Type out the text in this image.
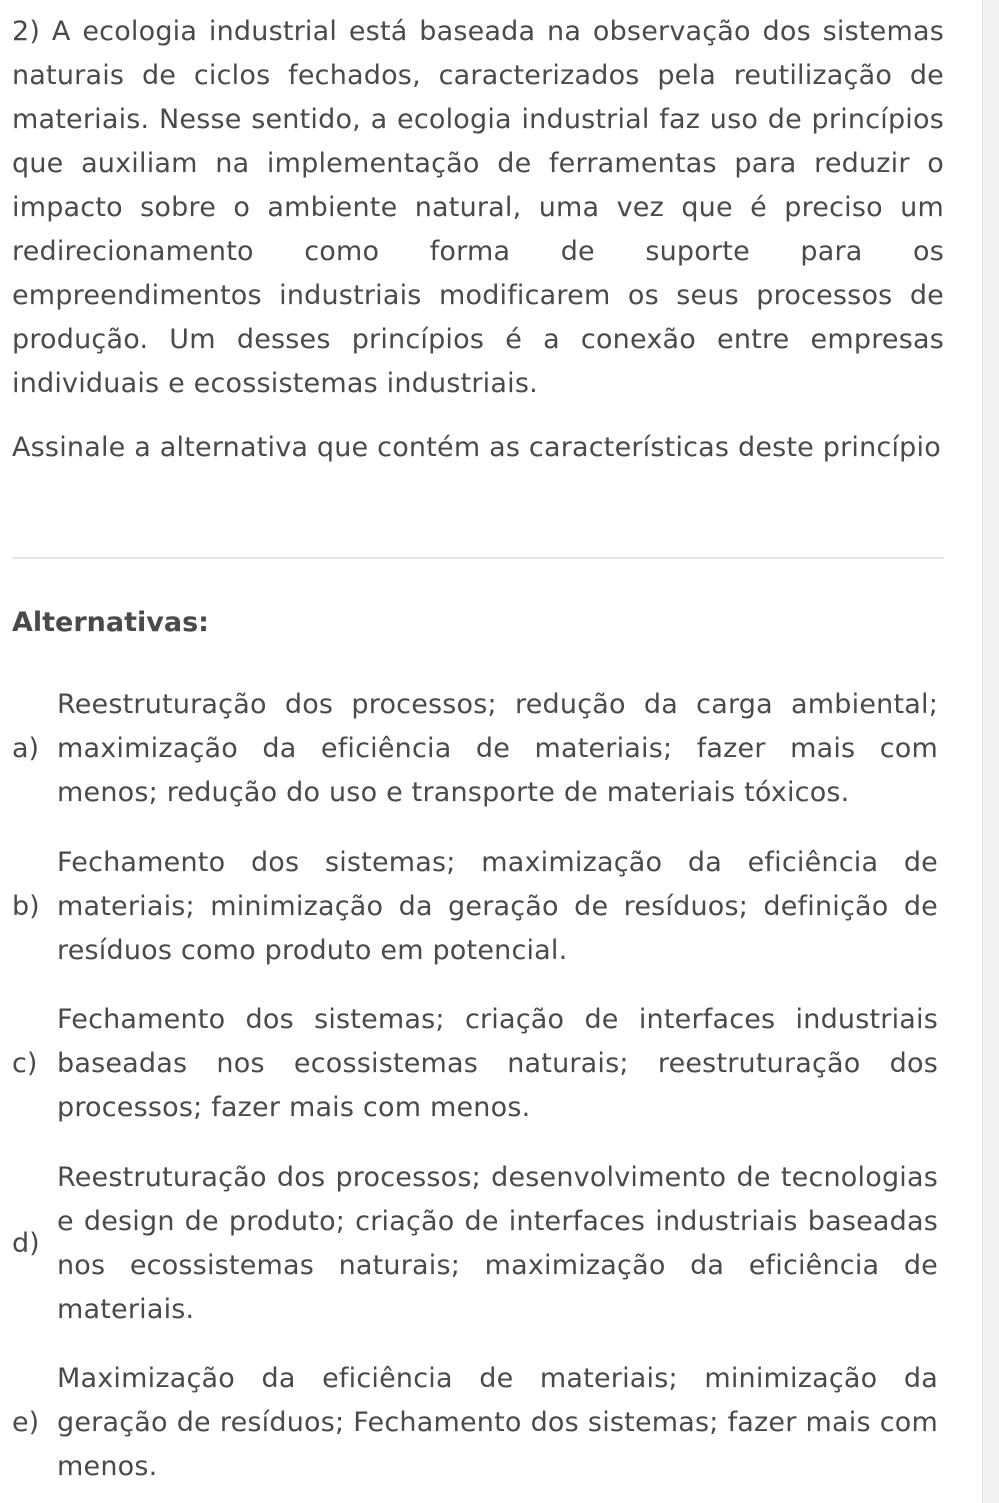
2) A ecologia industrial está baseada na observação dos sistemas naturais de ciclos fechados, caracterizados pela reutilização de materiais. Nesse sentido, a ecologia industrial faz uso de princípios que auxiliam na implementação de ferramentas para reduzir o impacto sobre o ambiente natural, uma vez que é preciso um redirecionamento como forma de suporte para os empreendimentos industriais modificarem os seus processos de produção. Um desses princípios é a conexão entre empresas individuais e ecossistemas industriais.

Assinale a alternativa que contém as características deste princípio

Alternativas:
a)
Reestruturação dos processos; redução da carga ambiental; maximização da eficiência de materiais; fazer mais com menos; redução do uso e transporte de materiais tóxicos.
b)
Fechamento dos sistemas; maximização da eficiência de materiais; minimização da geração de resíduos; definição de resíduos como produto em potencial.
c)
Fechamento dos sistemas; criação de interfaces industriais baseadas nos ecossistemas naturais; reestruturação dos processos; fazer mais com menos.
d)
Reestruturação dos processos; desenvolvimento de tecnologias e design de produto; criação de interfaces industriais baseadas nos ecossistemas naturais; maximização da eficiência de materiais.
e)
Maximização da eficiência de materiais; minimização da geração de resíduos; Fechamento dos sistemas; fazer mais com menos.
